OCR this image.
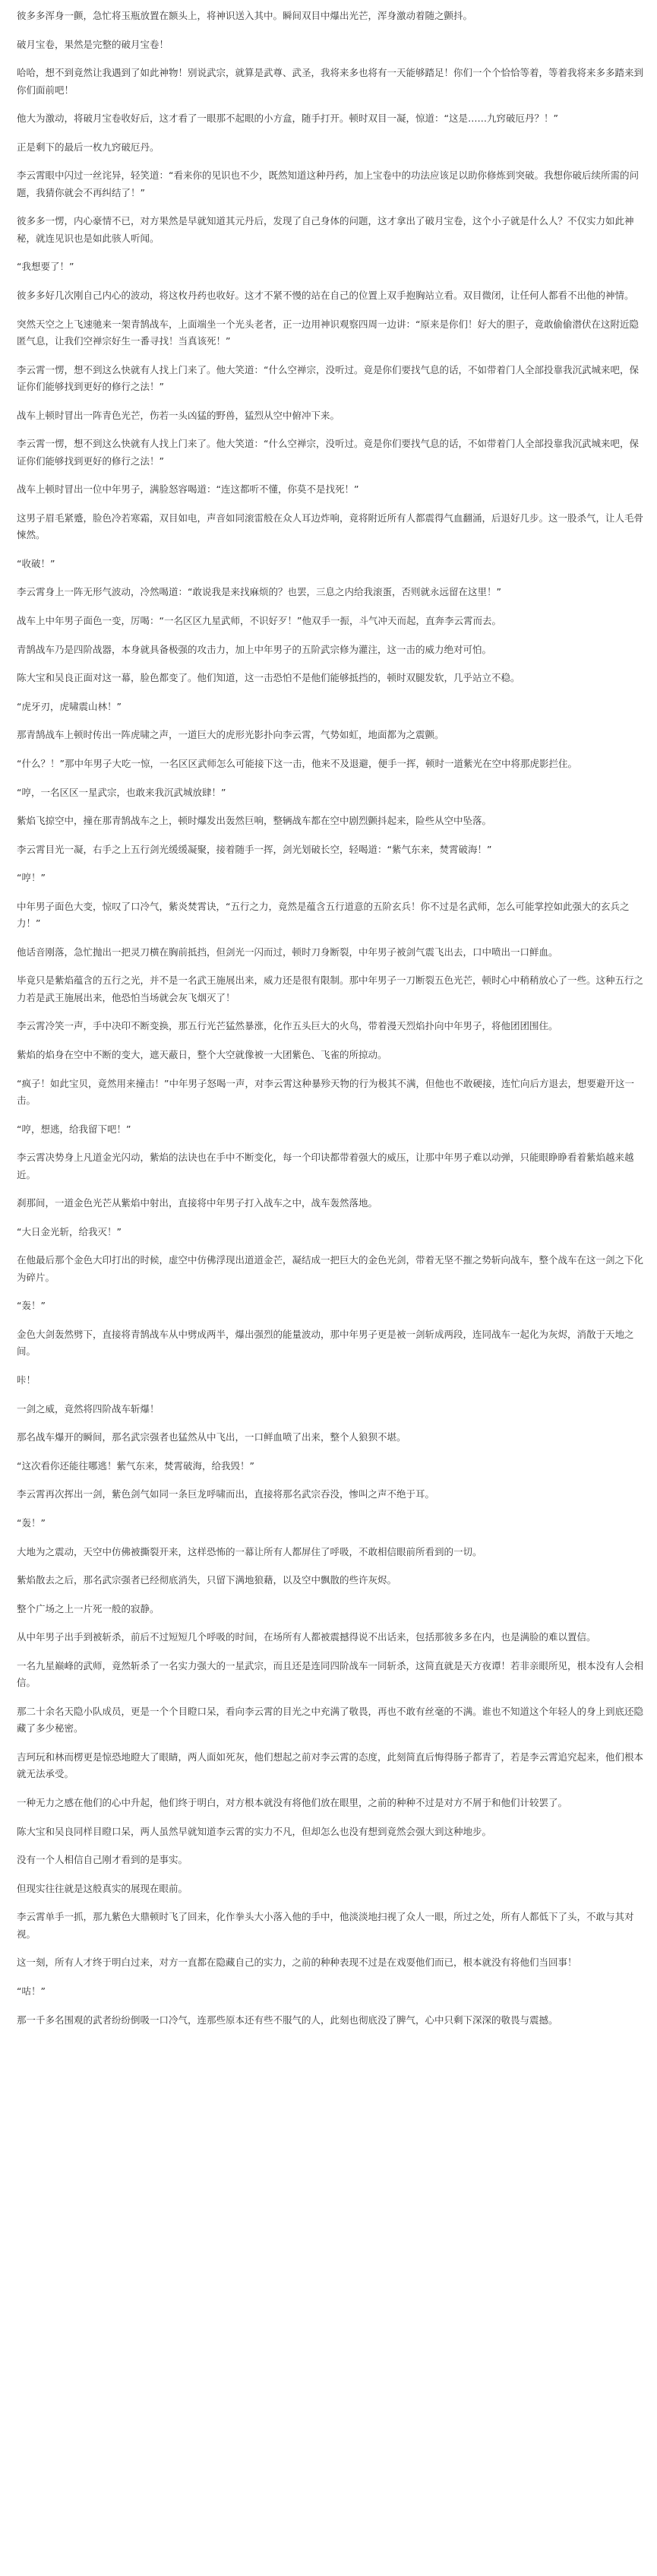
彼多多浑身一颤，急忙将玉瓶放置在额头上，将神识送入其中。瞬间双目中爆出光芒，浑身激动着随之颤抖。

破月宝卷，果然是完整的破月宝卷！

哈哈，想不到竟然让我遇到了如此神物！别说武宗，就算是武尊、武圣，我将来多也将有一天能够踏足！你们一个个恰恰等着，等着我将来多多踏来到你们面前吧！

他大为激动，将破月宝卷收好后，这才看了一眼那不起眼的小方盒，随手打开。顿时双目一凝，惊道：“这是……九窍破厄丹？！”

正是剩下的最后一枚九窍破厄丹。

李云霄眼中闪过一丝诧异，轻笑道：“看来你的见识也不少，既然知道这种丹药，加上宝卷中的功法应该足以助你修炼到突破。我想你破后续所需的问题，我猜你就会不再纠结了！”

彼多多一愣，内心豪情不已，对方果然是早就知道其元丹后，发现了自己身体的问题，这才拿出了破月宝卷，这个小子就是什么人？不仅实力如此神秘，就连见识也是如此骇人听闻。

“我想要了！”

彼多多好几次刚自己内心的波动，将这枚丹药也收好。这才不紧不慢的站在自己的位置上双手抱胸站立看。双目微闭，让任何人都看不出他的神情。

突然天空之上飞速驰来一架青鹄战车，上面端坐一个光头老者，正一边用神识观察四周一边讲：“原来是你们！好大的胆子，竟敢偷偷潜伏在这附近隐匿气息，让我们空禅宗好生一番寻找！当真该死！”

李云霄一愣，想不到这么快就有人找上门来了。他大笑道：“什么空禅宗，没听过。竟是你们要找气息的话，不如带着门人全部投靠我沉武城来吧，保证你们能够找到更好的修行之法！”

战车上顿时冒出一阵青色光芒，伤若一头凶猛的野兽，猛烈从空中俯冲下来。

李云霄一愣，想不到这么快就有人找上门来了。他大笑道：“什么空禅宗，没听过。竟是你们要找气息的话，不如带着门人全部投靠我沉武城来吧，保证你们能够找到更好的修行之法！”

战车上顿时冒出一位中年男子，满脸怒容喝道：“连这都听不懂，你莫不是找死！”

这男子眉毛紧蹙，脸色冷若寒霜，双目如电，声音如同滚雷般在众人耳边炸响，竟将附近所有人都震得气血翻涌，后退好几步。这一股杀气，让人毛骨悚然。

“收破！”

李云霄身上一阵无形气波动，冷然喝道：“敢说我是来找麻烦的？也罢，三息之内给我滚蛋，否则就永远留在这里！”

战车上中年男子面色一变，厉喝：“一名区区九星武师，不识好歹！”他双手一振，斗气冲天而起，直奔李云霄而去。

青鹄战车乃是四阶战器，本身就具备极强的攻击力，加上中年男子的五阶武宗修为灌注，这一击的威力绝对可怕。

陈大宝和吴良正面对这一幕，脸色都变了。他们知道，这一击恐怕不是他们能够抵挡的，顿时双腿发软，几乎站立不稳。

“虎牙刃，虎啸震山林！”

那青鹄战车上顿时传出一阵虎啸之声，一道巨大的虎形光影扑向李云霄，气势如虹，地面都为之震颤。

“什么？！”那中年男子大吃一惊，一名区区武师怎么可能接下这一击，他来不及退避，便手一挥，顿时一道紫光在空中将那虎影拦住。

“哼，一名区区一星武宗，也敢来我沉武城放肆！”

紫焰飞掠空中，撞在那青鹄战车之上，顿时爆发出轰然巨响，整辆战车都在空中剧烈颤抖起来，险些从空中坠落。

李云霄目光一凝，右手之上五行剑光缓缓凝聚，接着随手一挥，剑光划破长空，轻喝道：“紫气东来，焚霄破海！”

“哼！”

中年男子面色大变，惊叹了口冷气，紫炎焚霄诀，“五行之力，竟然是蕴含五行道意的五阶玄兵！你不过是名武师，怎么可能掌控如此强大的玄兵之力！”

他话音刚落，急忙抛出一把灵刀横在胸前抵挡，但剑光一闪而过，顿时刀身断裂，中年男子被剑气震飞出去，口中喷出一口鲜血。

毕竟只是紫焰蕴含的五行之光，并不是一名武王施展出来，威力还是很有限制。那中年男子一刀断裂五色光芒，顿时心中稍稍放心了一些。这种五行之力若是武王施展出来，他恐怕当场就会灰飞烟灭了！

李云霄冷笑一声，手中决印不断变换，那五行光芒猛然暴涨，化作五头巨大的火鸟，带着漫天烈焰扑向中年男子，将他团团围住。

紫焰的焰身在空中不断的变大，遮天蔽日，整个大空就像被一大团紫色、飞雀的所掠动。

“疯子！如此宝贝，竟然用来撞击！”中年男子怒喝一声，对李云霄这种暴殄天物的行为极其不满，但他也不敢硬接，连忙向后方退去，想要避开这一击。

“哼，想逃，给我留下吧！”

李云霄决势身上凡道金光闪动，紫焰的法诀也在手中不断变化，每一个印诀都带着强大的威压，让那中年男子难以动弹，只能眼睁睁看着紫焰越来越近。

刹那间，一道金色光芒从紫焰中射出，直接将中年男子打入战车之中，战车轰然落地。

“大日金光斩，给我灭！”

在他最后那个金色大印打出的时候，虚空中仿佛浮现出道道金芒，凝结成一把巨大的金色光剑，带着无坚不摧之势斩向战车，整个战车在这一剑之下化为碎片。

“轰！”

金色大剑轰然劈下，直接将青鹄战车从中劈成两半，爆出强烈的能量波动，那中年男子更是被一剑斩成两段，连同战车一起化为灰烬，消散于天地之间。

咔！

一剑之威，竟然将四阶战车斩爆！

那名战车爆开的瞬间，那名武宗强者也猛然从中飞出，一口鲜血喷了出来，整个人狼狈不堪。

“这次看你还能往哪逃！紫气东来，焚霄破海，给我毁！”

李云霄再次挥出一剑，紫色剑气如同一条巨龙呼啸而出，直接将那名武宗吞没，惨叫之声不绝于耳。

“轰！”

大地为之震动，天空中仿佛被撕裂开来，这样恐怖的一幕让所有人都屏住了呼吸，不敢相信眼前所看到的一切。

紫焰散去之后，那名武宗强者已经彻底消失，只留下满地狼藉，以及空中飘散的些许灰烬。

整个广场之上一片死一般的寂静。

从中年男子出手到被斩杀，前后不过短短几个呼吸的时间，在场所有人都被震撼得说不出话来，包括那彼多多在内，也是满脸的难以置信。

一名九星巅峰的武师，竟然斩杀了一名实力强大的一星武宗，而且还是连同四阶战车一同斩杀，这简直就是天方夜谭！若非亲眼所见，根本没有人会相信。

那二十余名天隐小队成员，更是一个个目瞪口呆，看向李云霄的目光之中充满了敬畏，再也不敢有丝毫的不满。谁也不知道这个年轻人的身上到底还隐藏了多少秘密。

吉珂玩和林而楞更是惊恐地瞪大了眼睛，两人面如死灰，他们想起之前对李云霄的态度，此刻简直后悔得肠子都青了，若是李云霄追究起来，他们根本就无法承受。

一种无力之感在他们的心中升起，他们终于明白，对方根本就没有将他们放在眼里，之前的种种不过是对方不屑于和他们计较罢了。

陈大宝和吴良同样目瞪口呆，两人虽然早就知道李云霄的实力不凡，但却怎么也没有想到竟然会强大到这种地步。

没有一个人相信自己刚才看到的是事实。

但现实往往就是这般真实的展现在眼前。

李云霄单手一抓，那九紫色大鼎顿时飞了回来，化作拳头大小落入他的手中，他淡淡地扫视了众人一眼，所过之处，所有人都低下了头，不敢与其对视。

这一刻，所有人才终于明白过来，对方一直都在隐藏自己的实力，之前的种种表现不过是在戏耍他们而已，根本就没有将他们当回事！

“咕！”

那一千多名围观的武者纷纷倒吸一口冷气，连那些原本还有些不服气的人，此刻也彻底没了脾气，心中只剩下深深的敬畏与震撼。
